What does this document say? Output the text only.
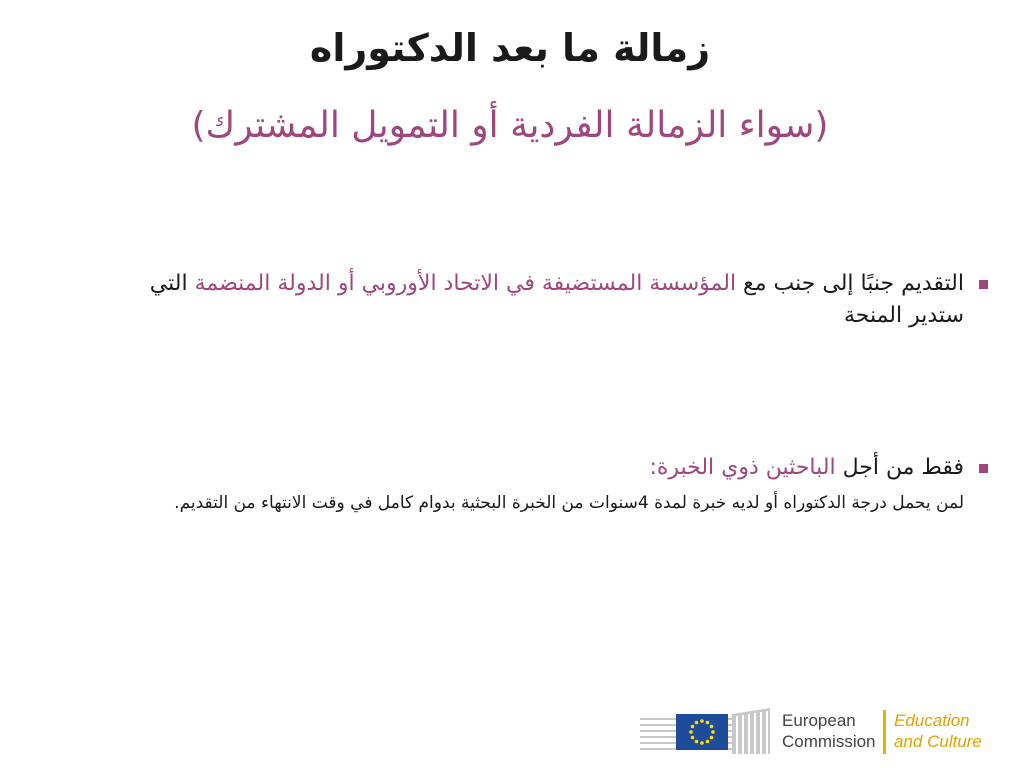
زمالة ما بعد الدكتوراه
(سواء الزمالة الفردية أو التمويل المشترك)
التقديم جنبًا إلى جنب مع المؤسسة المستضيفة في الاتحاد الأوروبي أو الدولة المنضمة التي ستدير المنحة
فقط من أجل الباحثين ذوي الخبرة:
لمن يحمل درجة الدكتوراه أو لديه خبرة لمدة 4سنوات من الخبرة البحثية بدوام كامل في وقت الانتهاء من التقديم.
European
Commission
Education
and Culture
